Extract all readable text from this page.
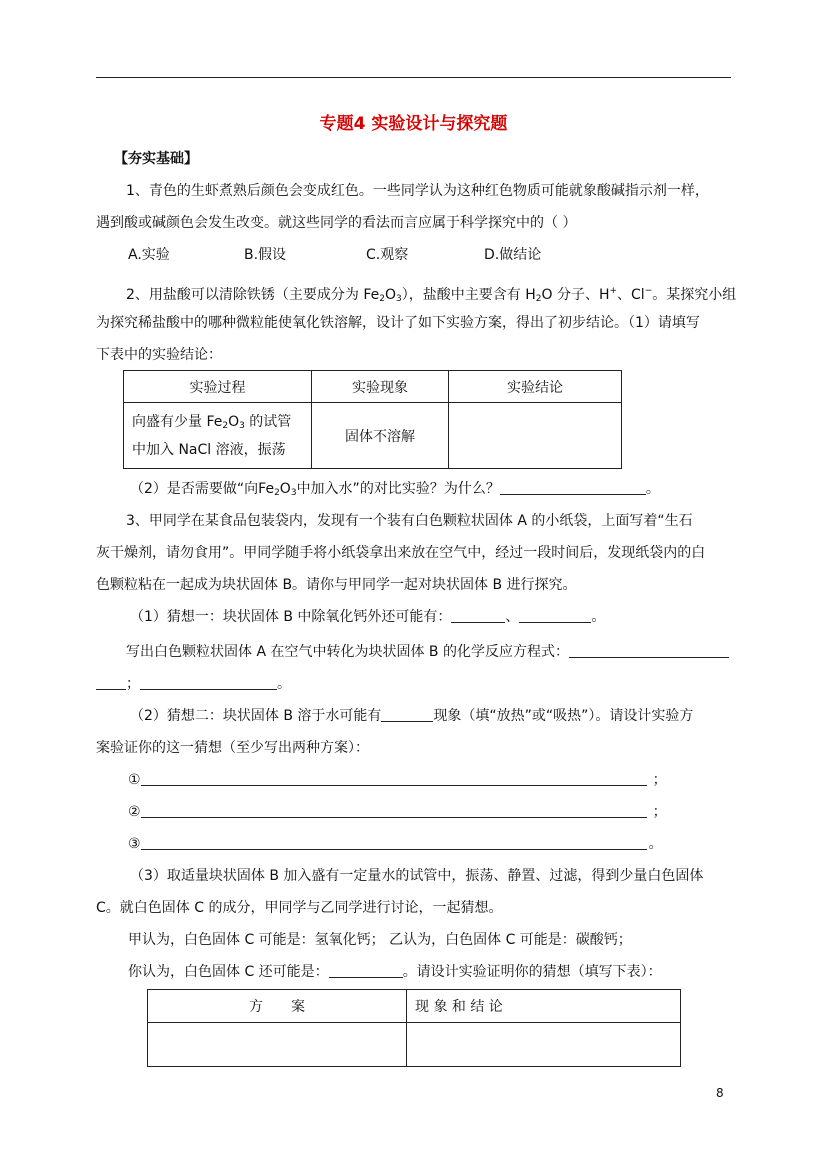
专题4 实验设计与探究题
【夯实基础】
1、青色的生虾煮熟后颜色会变成红色。一些同学认为这种红色物质可能就象酸碱指示剂一样，
遇到酸或碱颜色会发生改变。就这些同学的看法而言应属于科学探究中的（ ）
A.实验	B.假设	C.观察	D.做结论
2、用盐酸可以清除铁锈（主要成分为 $Fe_2O_3$），盐酸中主要含有 $H_2O$ 分子、H+、Cl−。某探究小组
为探究稀盐酸中的哪种微粒能使氧化铁溶解，设计了如下实验方案，得出了初步结论。（1）请填写
下表中的实验结论：
实验过程	实验现象	实验结论

向盛有少量 $Fe_2O_3$ 的试管
中加入 NaCl 溶液，振荡	固体不溶解	
（2）是否需要做“向$Fe_2O_3$中加入水”的对比实验？为什么？	。
3、甲同学在某食品包装袋内，发现有一个装有白色颗粒状固体 A 的小纸袋，上面写着“生石
灰干燥剂，请勿食用”。甲同学随手将小纸袋拿出来放在空气中，经过一段时间后，发现纸袋内的白
色颗粒粘在一起成为块状固体 B。请你与甲同学一起对块状固体 B 进行探究。
（1）猜想一：块状固体 B 中除氧化钙外还可能有：	、	。
写出白色颗粒状固体 A 在空气中转化为块状固体 B 的化学反应方程式：
；	。
（2）猜想二：块状固体 B 溶于水可能有	现象（填“放热”或“吸热”）。请设计实验方
案验证你的这一猜想（至少写出两种方案）：
①	；
②	；
③	。
（3）取适量块状固体 B 加入盛有一定量水的试管中，振荡、静置、过滤，得到少量白色固体
C。就白色固体 C 的成分，甲同学与乙同学进行讨论，一起猜想。
甲认为，白色固体 C 可能是：氢氧化钙； 乙认为，白色固体 C 可能是：碳酸钙；
你认为，白色固体 C 还可能是：	。请设计实验证明你的猜想（填写下表）：
方　　案	现 象 和 结 论

8
